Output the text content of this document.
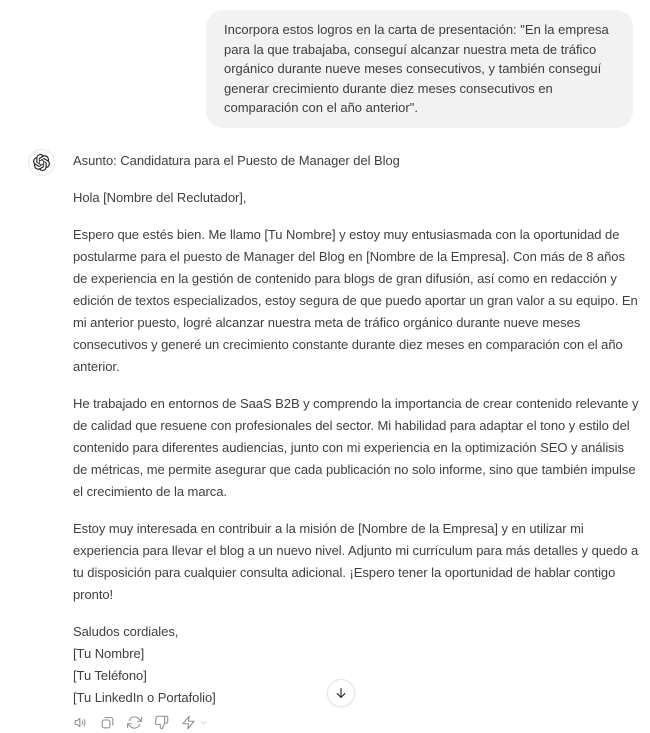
Incorpora estos logros en la carta de presentación: "En la empresa para la que trabajaba, conseguí alcanzar nuestra meta de tráfico orgánico durante nueve meses consecutivos, y también conseguí generar crecimiento durante diez meses consecutivos en comparación con el año anterior".

Asunto: Candidatura para el Puesto de Manager del Blog

Hola [Nombre del Reclutador],

Espero que estés bien. Me llamo [Tu Nombre] y estoy muy entusiasmada con la oportunidad de postularme para el puesto de Manager del Blog en [Nombre de la Empresa]. Con más de 8 años de experiencia en la gestión de contenido para blogs de gran difusión, así como en redacción y edición de textos especializados, estoy segura de que puedo aportar un gran valor a su equipo. En mi anterior puesto, logré alcanzar nuestra meta de tráfico orgánico durante nueve meses consecutivos y generé un crecimiento constante durante diez meses en comparación con el año anterior.

He trabajado en entornos de SaaS B2B y comprendo la importancia de crear contenido relevante y de calidad que resuene con profesionales del sector. Mi habilidad para adaptar el tono y estilo del contenido para diferentes audiencias, junto con mi experiencia en la optimización SEO y análisis de métricas, me permite asegurar que cada publicación no solo informe, sino que también impulse el crecimiento de la marca.

Estoy muy interesada en contribuir a la misión de [Nombre de la Empresa] y en utilizar mi experiencia para llevar el blog a un nuevo nivel. Adjunto mi currículum para más detalles y quedo a tu disposición para cualquier consulta adicional. ¡Espero tener la oportunidad de hablar contigo pronto!

Saludos cordiales,
[Tu Nombre]
[Tu Teléfono]
[Tu LinkedIn o Portafolio]
